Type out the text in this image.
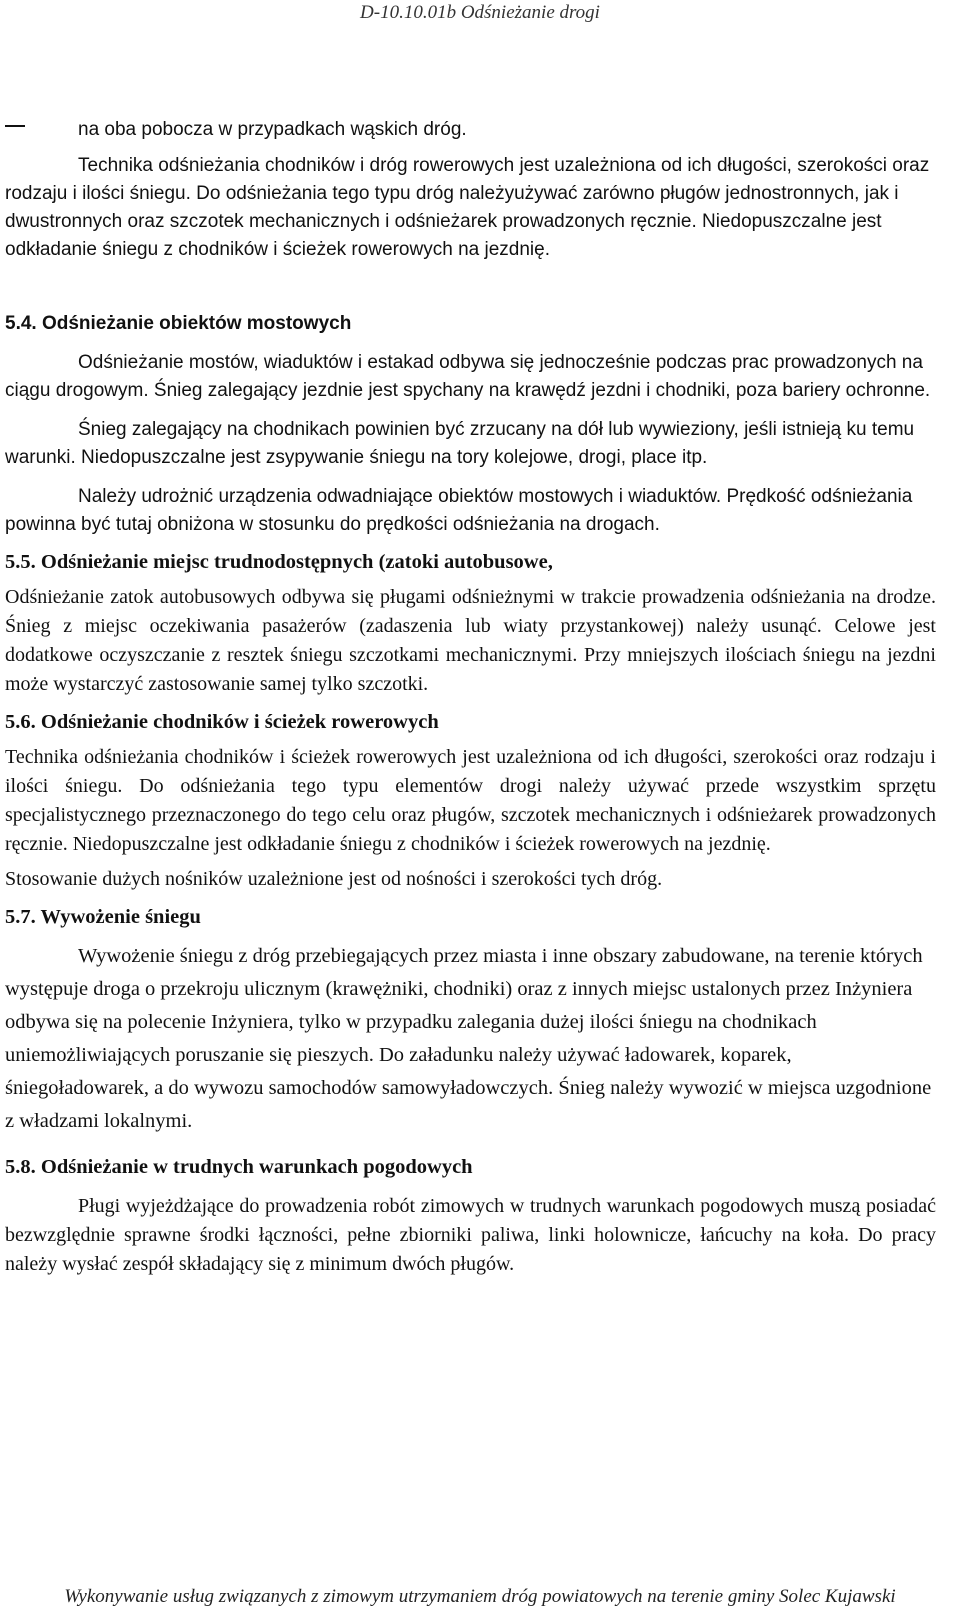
D-10.10.01b Odśnieżanie drogi
na oba pobocza w przypadkach wąskich dróg.

Technika odśnieżania chodników i dróg rowerowych jest uzależniona od ich długości, szerokości oraz rodzaju i ilości śniegu. Do odśnieżania tego typu dróg należyużywać zarówno pługów jednostronnych, jak i dwustronnych oraz szczotek mechanicznych i odśnieżarek prowadzonych ręcznie. Niedopuszczalne jest odkładanie śniegu z chodników i ścieżek rowerowych na jezdnię.

5.4. Odśnieżanie obiektów mostowych

Odśnieżanie mostów, wiaduktów i estakad odbywa się jednocześnie podczas prac prowadzonych na ciągu drogowym. Śnieg zalegający jezdnie jest spychany na krawędź jezdni i chodniki, poza bariery ochronne.

Śnieg zalegający na chodnikach powinien być zrzucany na dół lub wywieziony, jeśli istnieją ku temu warunki. Niedopuszczalne jest zsypywanie śniegu na tory kolejowe, drogi, place itp.

Należy udrożnić urządzenia odwadniające obiektów mostowych i wiaduktów. Prędkość odśnieżania powinna być tutaj obniżona w stosunku do prędkości odśnieżania na drogach.

5.5. Odśnieżanie miejsc trudnodostępnych (zatoki autobusowe,

Odśnieżanie zatok autobusowych odbywa się pługami odśnieżnymi w trakcie prowadzenia odśnieżania na drodze. Śnieg z miejsc oczekiwania pasażerów (zadaszenia lub wiaty przystankowej) należy usunąć. Celowe jest dodatkowe oczyszczanie z resztek śniegu szczotkami mechanicznymi. Przy mniejszych ilościach śniegu na jezdni może wystarczyć zastosowanie samej tylko szczotki.

5.6. Odśnieżanie chodników i ścieżek rowerowych

Technika odśnieżania chodników i ścieżek rowerowych jest uzależniona od ich długości, szerokości oraz rodzaju i ilości śniegu. Do odśnieżania tego typu elementów drogi należy używać przede wszystkim sprzętu specjalistycznego przeznaczonego do tego celu oraz pługów, szczotek mechanicznych i odśnieżarek prowadzonych ręcznie. Niedopuszczalne jest odkładanie śniegu z chodników i ścieżek rowerowych na jezdnię.

Stosowanie dużych nośników uzależnione jest od nośności i szerokości tych dróg.

5.7. Wywożenie śniegu

Wywożenie śniegu z dróg przebiegających przez miasta i inne obszary zabudowane, na terenie których występuje droga o przekroju ulicznym (krawężniki, chodniki) oraz z innych miejsc ustalonych przez Inżyniera odbywa się na polecenie Inżyniera, tylko w przypadku zalegania dużej ilości śniegu na chodnikach uniemożliwiających poruszanie się pieszych. Do załadunku należy używać ładowarek, koparek, śniegoładowarek, a do wywozu samochodów samowyładowczych. Śnieg należy wywozić w miejsca uzgodnione z władzami lokalnymi.

5.8. Odśnieżanie w trudnych warunkach pogodowych

Pługi wyjeżdżające do prowadzenia robót zimowych w trudnych warunkach pogodowych muszą posiadać bezwzględnie sprawne środki łączności, pełne zbiorniki paliwa, linki holownicze, łańcuchy na koła. Do pracy należy wysłać zespół składający się z minimum dwóch pługów.

Wykonywanie usług związanych z zimowym utrzymaniem dróg powiatowych na terenie gminy Solec Kujawski
